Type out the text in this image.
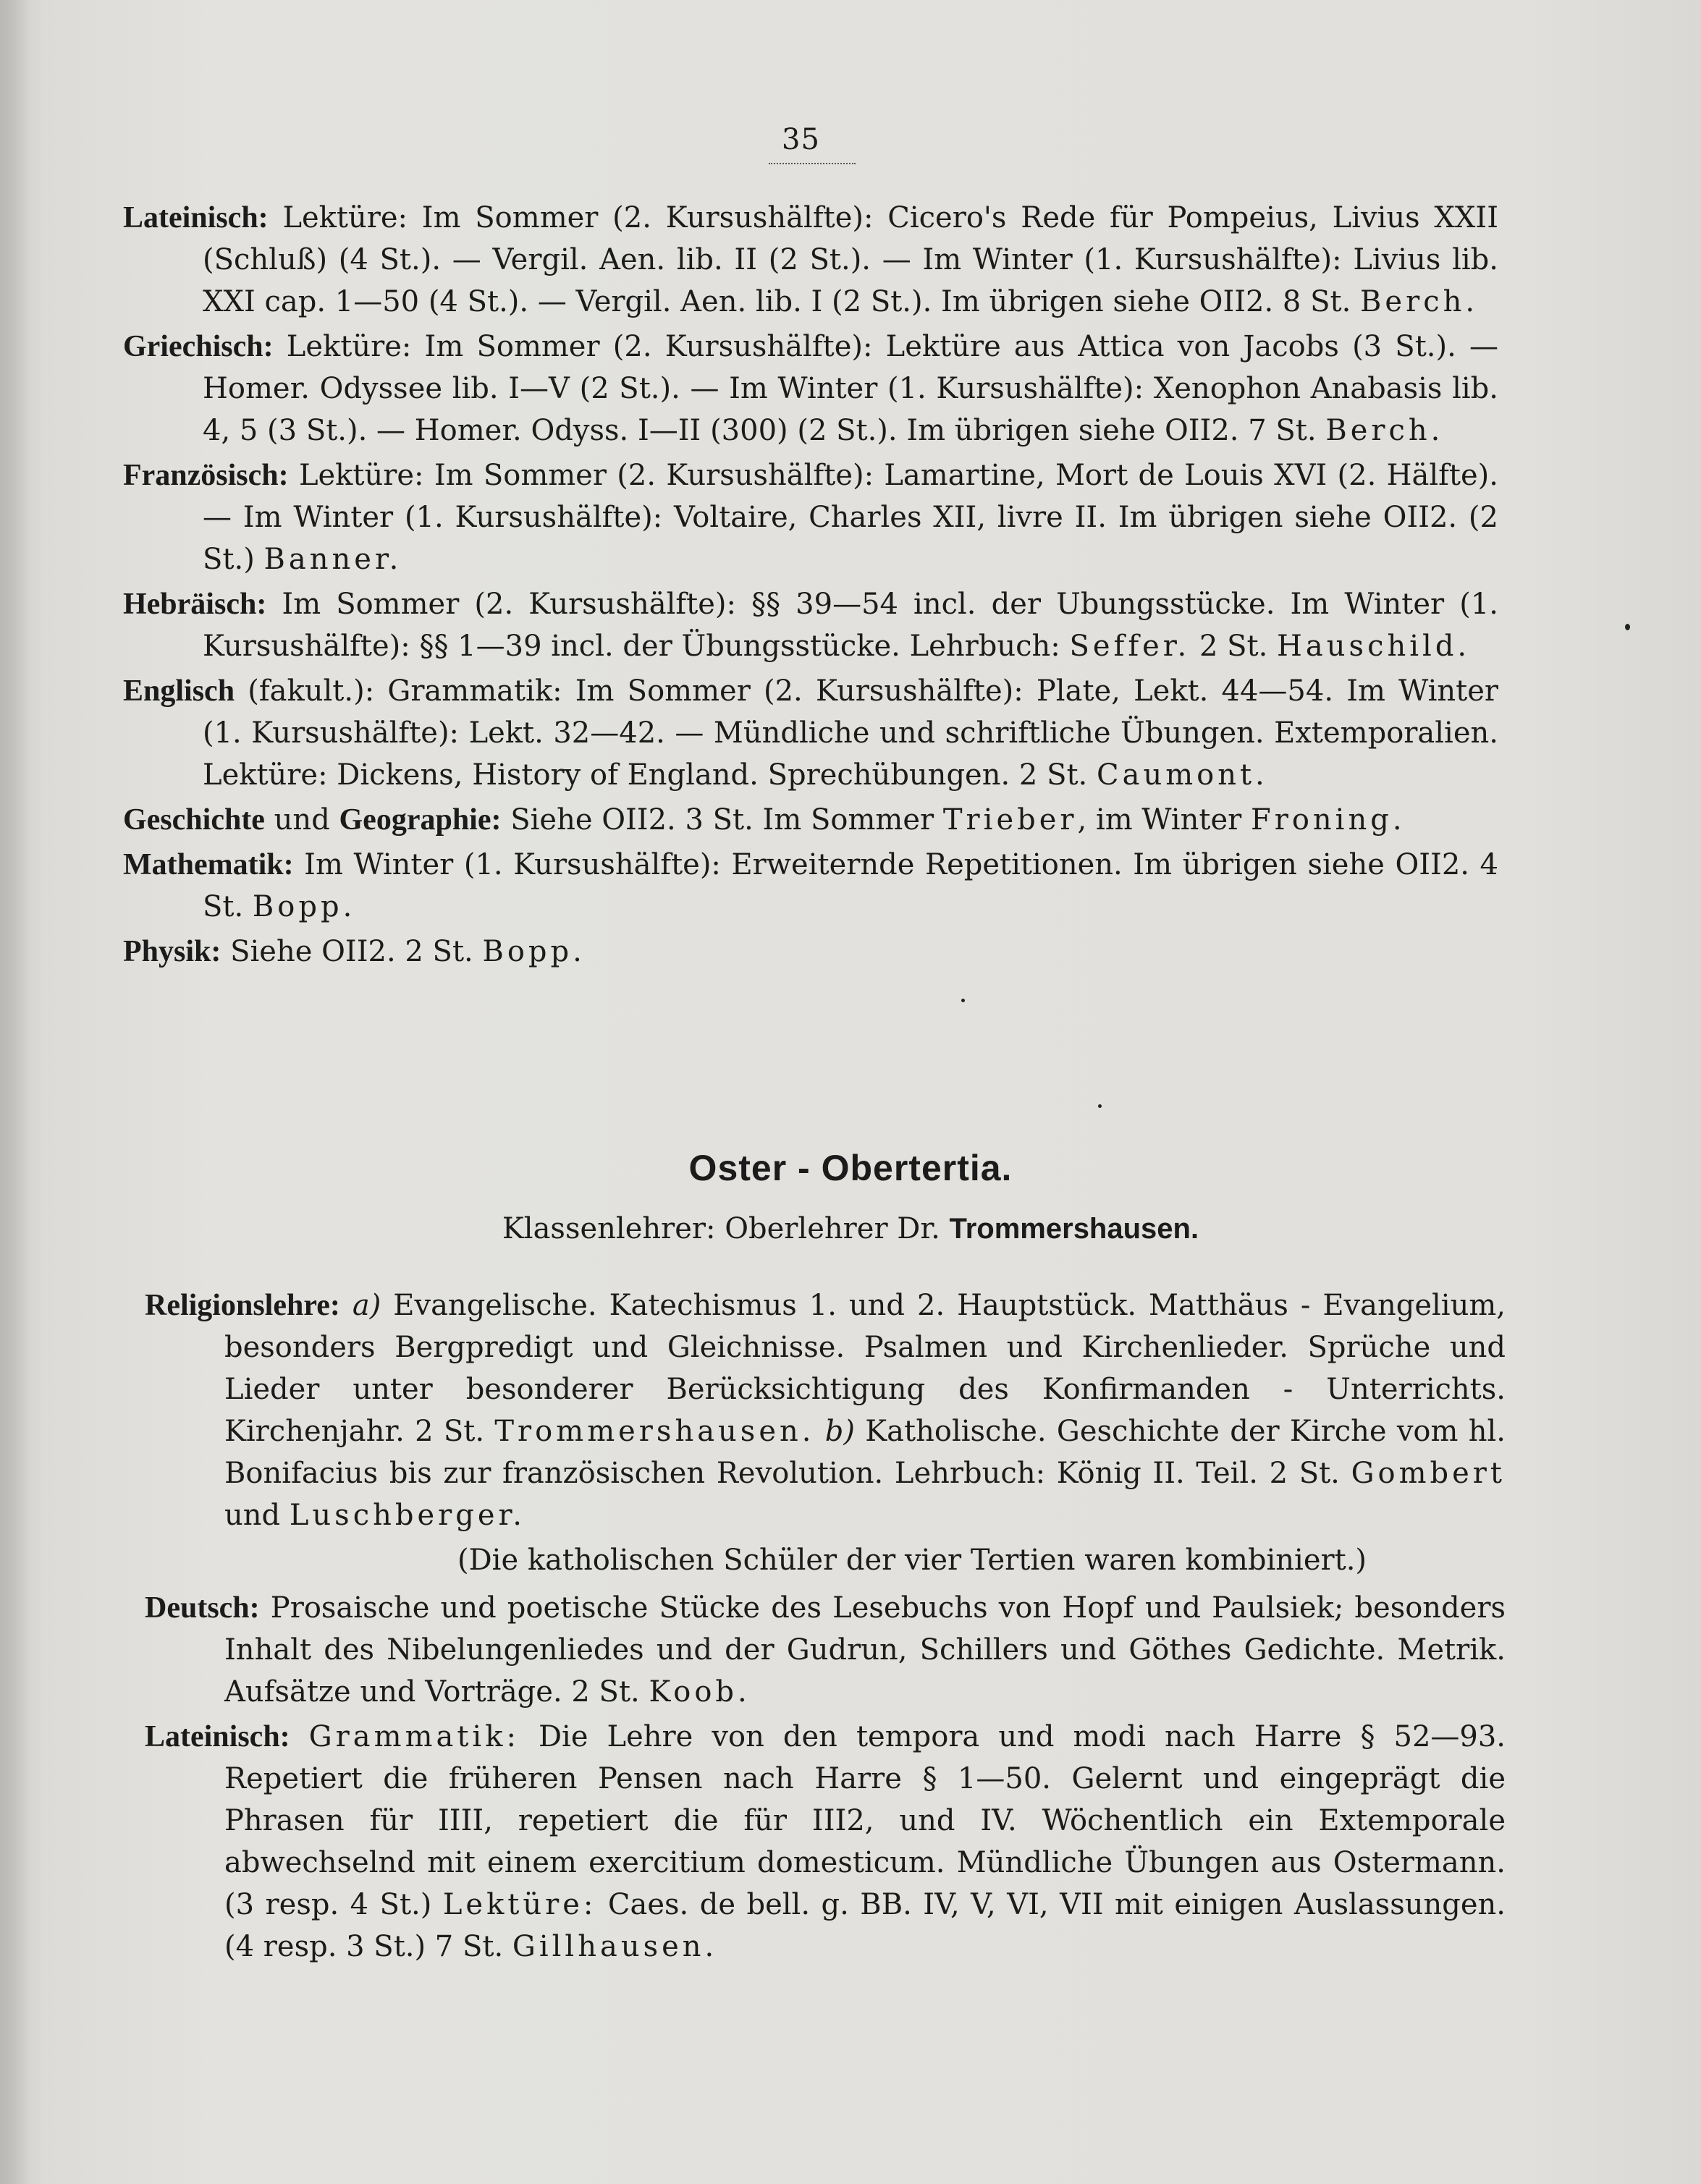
35

Lateinisch: Lektüre: Im Sommer (2. Kursushälfte): Cicero's Rede für Pompeius, Livius XXII (Schluß) (4 St.). — Vergil. Aen. lib. II (2 St.). — Im Winter (1. Kursushälfte): Livius lib. XXI cap. 1—50 (4 St.). — Vergil. Aen. lib. I (2 St.). Im übrigen siehe OII2. 8 St. Berch.

Griechisch: Lektüre: Im Sommer (2. Kursushälfte): Lektüre aus Attica von Jacobs (3 St.). — Homer. Odyssee lib. I—V (2 St.). — Im Winter (1. Kursushälfte): Xenophon Anabasis lib. 4, 5 (3 St.). — Homer. Odyss. I—II (300) (2 St.). Im übrigen siehe OII2. 7 St. Berch.

Französisch: Lektüre: Im Sommer (2. Kursushälfte): Lamartine, Mort de Louis XVI (2. Hälfte). — Im Winter (1. Kursushälfte): Voltaire, Charles XII, livre II. Im übrigen siehe OII2. (2 St.) Banner.

Hebräisch: Im Sommer (2. Kursushälfte): §§ 39—54 incl. der Ubungsstücke. Im Winter (1. Kursushälfte): §§ 1—39 incl. der Übungsstücke. Lehrbuch: Seffer. 2 St. Hauschild.

Englisch (fakult.): Grammatik: Im Sommer (2. Kursushälfte): Plate, Lekt. 44—54. Im Winter (1. Kursushälfte): Lekt. 32—42. — Mündliche und schriftliche Übungen. Extemporalien. Lektüre: Dickens, History of England. Sprechübungen. 2 St. Caumont.

Geschichte und Geographie: Siehe OII2. 3 St. Im Sommer Trieber, im Winter Froning.

Mathematik: Im Winter (1. Kursushälfte): Erweiternde Repetitionen. Im übrigen siehe OII2. 4 St. Bopp.

Physik: Siehe OII2. 2 St. Bopp.

Oster - Obertertia.
Klassenlehrer: Oberlehrer Dr. Trommershausen.

Religionslehre: a) Evangelische. Katechismus 1. und 2. Hauptstück. Matthäus - Evangelium, besonders Bergpredigt und Gleichnisse. Psalmen und Kirchenlieder. Sprüche und Lieder unter besonderer Berücksichtigung des Konfirmanden - Unterrichts. Kirchenjahr. 2 St. Trommershausen. b) Katholische. Geschichte der Kirche vom hl. Bonifacius bis zur französischen Revolution. Lehrbuch: König II. Teil. 2 St. Gombert und Luschberger.

(Die katholischen Schüler der vier Tertien waren kombiniert.)

Deutsch: Prosaische und poetische Stücke des Lesebuchs von Hopf und Paulsiek; besonders Inhalt des Nibelungenliedes und der Gudrun, Schillers und Göthes Gedichte. Metrik. Aufsätze und Vorträge. 2 St. Koob.

Lateinisch: Grammatik: Die Lehre von den tempora und modi nach Harre § 52—93. Repetiert die früheren Pensen nach Harre § 1—50. Gelernt und eingeprägt die Phrasen für IIII, repetiert die für III2, und IV. Wöchentlich ein Extemporale abwechselnd mit einem exercitium domesticum. Mündliche Übungen aus Ostermann. (3 resp. 4 St.) Lektüre: Caes. de bell. g. BB. IV, V, VI, VII mit einigen Auslassungen. (4 resp. 3 St.) 7 St. Gillhausen.
